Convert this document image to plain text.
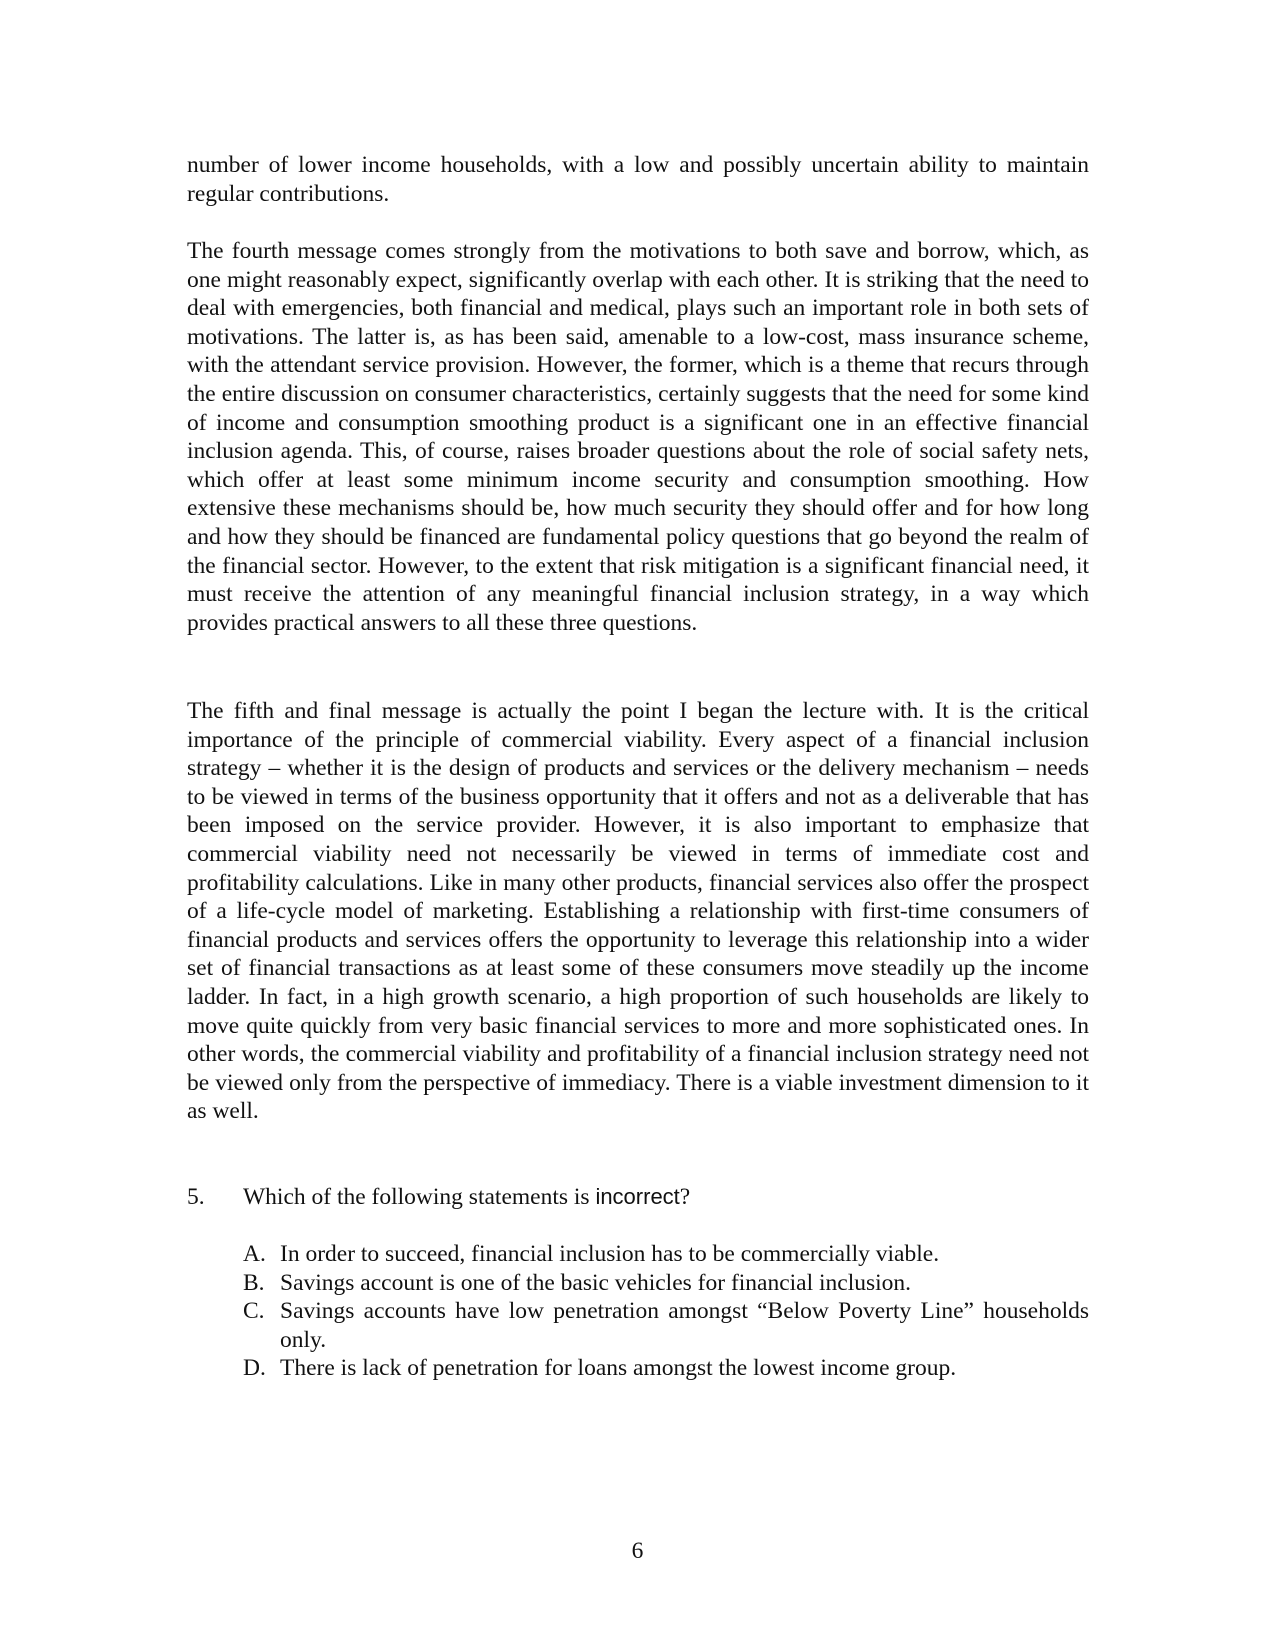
number of lower income households, with a low and possibly uncertain ability to maintain regular contributions.

The fourth message comes strongly from the motivations to both save and borrow, which, as one might reasonably expect, significantly overlap with each other. It is striking that the need to deal with emergencies, both financial and medical, plays such an important role in both sets of motivations. The latter is, as has been said, amenable to a low-cost, mass insurance scheme, with the attendant service provision. However, the former, which is a theme that recurs through the entire discussion on consumer characteristics, certainly suggests that the need for some kind of income and consumption smoothing product is a significant one in an effective financial inclusion agenda. This, of course, raises broader questions about the role of social safety nets, which offer at least some minimum income security and consumption smoothing. How extensive these mechanisms should be, how much security they should offer and for how long and how they should be financed are fundamental policy questions that go beyond the realm of the financial sector. However, to the extent that risk mitigation is a significant financial need, it must receive the attention of any meaningful financial inclusion strategy, in a way which provides practical answers to all these three questions.

The fifth and final message is actually the point I began the lecture with. It is the critical importance of the principle of commercial viability. Every aspect of a financial inclusion strategy – whether it is the design of products and services or the delivery mechanism – needs to be viewed in terms of the business opportunity that it offers and not as a deliverable that has been imposed on the service provider. However, it is also important to emphasize that commercial viability need not necessarily be viewed in terms of immediate cost and profitability calculations. Like in many other products, financial services also offer the prospect of a life-cycle model of marketing. Establishing a relationship with first-time consumers of financial products and services offers the opportunity to leverage this relationship into a wider set of financial transactions as at least some of these consumers move steadily up the income ladder. In fact, in a high growth scenario, a high proportion of such households are likely to move quite quickly from very basic financial services to more and more sophisticated ones. In other words, the commercial viability and profitability of a financial inclusion strategy need not be viewed only from the perspective of immediacy. There is a viable investment dimension to it as well.

5. Which of the following statements is incorrect?
A. In order to succeed, financial inclusion has to be commercially viable.
B. Savings account is one of the basic vehicles for financial inclusion.
C. Savings accounts have low penetration amongst “Below Poverty Line” households only.
D. There is lack of penetration for loans amongst the lowest income group.
6
